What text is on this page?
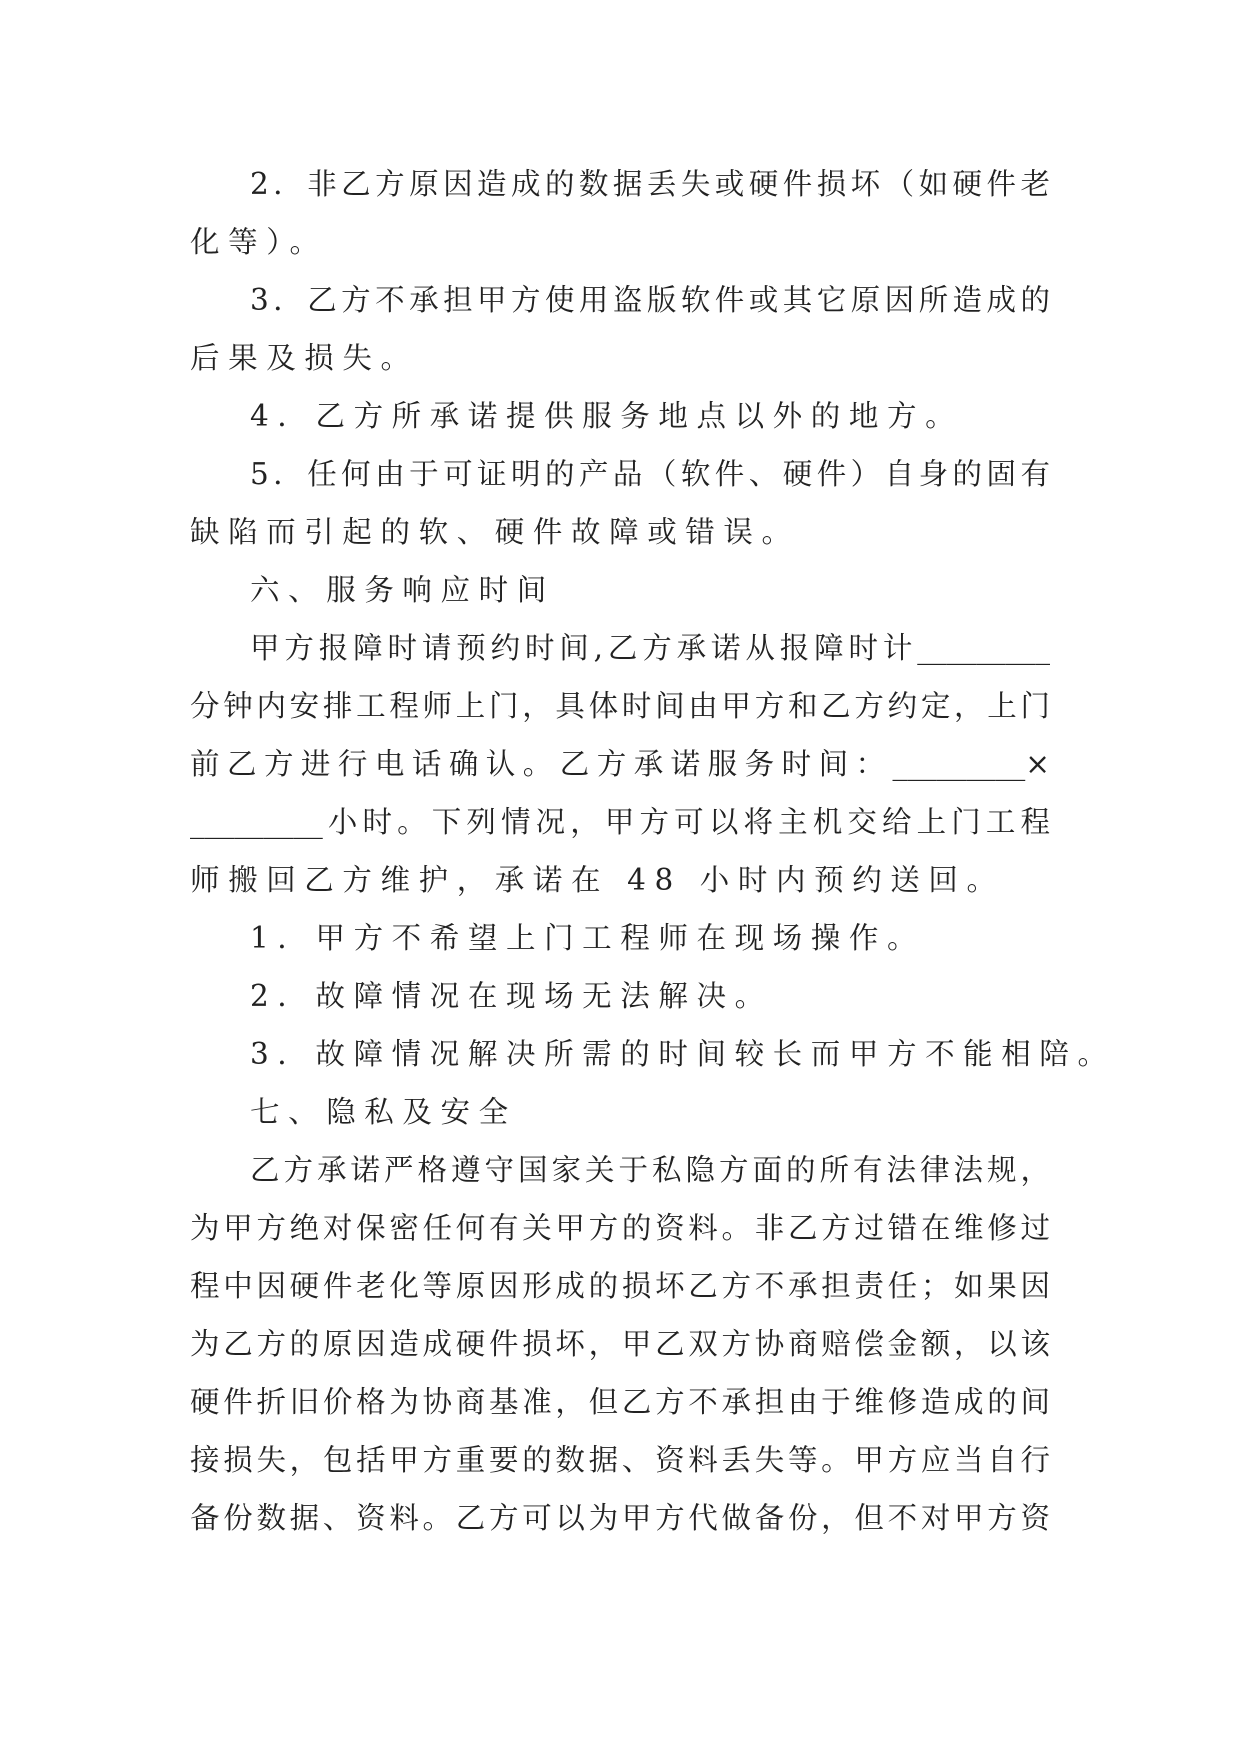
2．非乙方原因造成的数据丢失或硬件损坏（如硬件老
化等）。
3．乙方不承担甲方使用盗版软件或其它原因所造成的
后果及损失。
4．乙方所承诺提供服务地点以外的地方。
5．任何由于可证明的产品（软件、硬件）自身的固有
缺陷而引起的软、硬件故障或错误。
六、服务响应时间
甲方报障时请预约时间,乙方承诺从报障时计_________
分钟内安排工程师上门，具体时间由甲方和乙方约定，上门
前乙方进行电话确认。乙方承诺服务时间：_________×
_________小时。下列情况，甲方可以将主机交给上门工程
师搬回乙方维护，承诺在 48 小时内预约送回。
1．甲方不希望上门工程师在现场操作。
2．故障情况在现场无法解决。
3．故障情况解决所需的时间较长而甲方不能相陪。
七、隐私及安全
乙方承诺严格遵守国家关于私隐方面的所有法律法规，
为甲方绝对保密任何有关甲方的资料。非乙方过错在维修过
程中因硬件老化等原因形成的损坏乙方不承担责任；如果因
为乙方的原因造成硬件损坏，甲乙双方协商赔偿金额，以该
硬件折旧价格为协商基准，但乙方不承担由于维修造成的间
接损失，包括甲方重要的数据、资料丢失等。甲方应当自行
备份数据、资料。乙方可以为甲方代做备份，但不对甲方资
